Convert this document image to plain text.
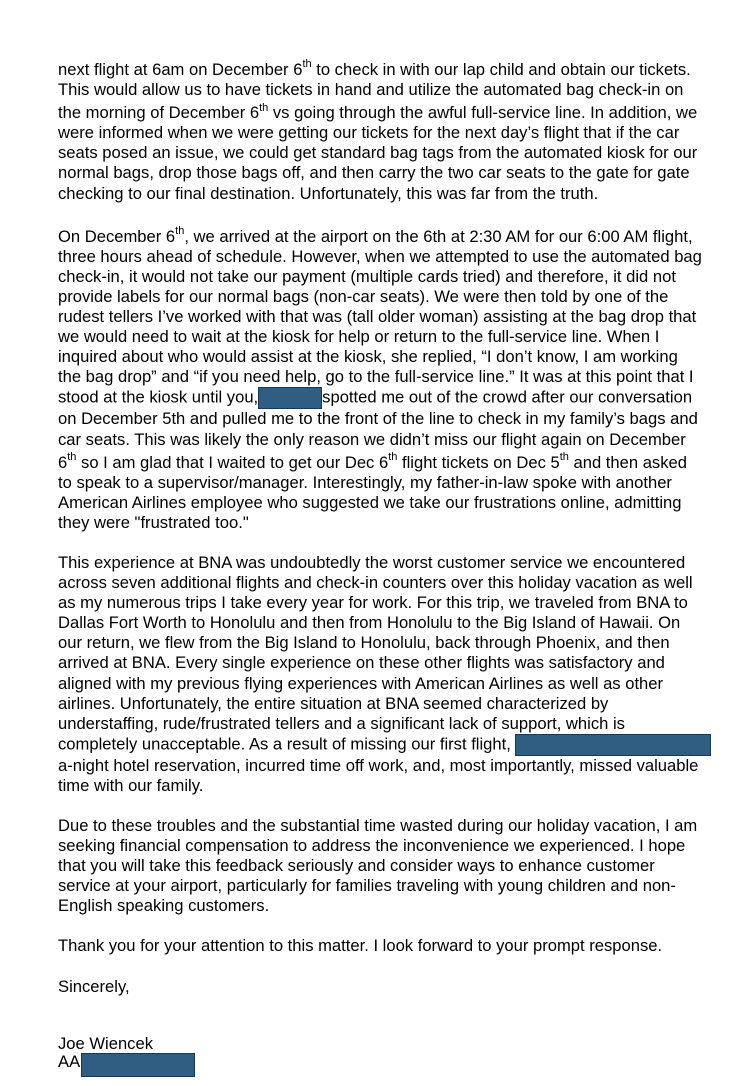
next flight at 6am on December 6th to check in with our lap child and obtain our tickets.

This would allow us to have tickets in hand and utilize the automated bag check-in on

the morning of December 6th vs going through the awful full-service line. In addition, we

were informed when we were getting our tickets for the next day’s flight that if the car

seats posed an issue, we could get standard bag tags from the automated kiosk for our

normal bags, drop those bags off, and then carry the two car seats to the gate for gate

checking to our final destination. Unfortunately, this was far from the truth.

On December 6th, we arrived at the airport on the 6th at 2:30 AM for our 6:00 AM flight,

three hours ahead of schedule. However, when we attempted to use the automated bag

check-in, it would not take our payment (multiple cards tried) and therefore, it did not

provide labels for our normal bags (non-car seats). We were then told by one of the

rudest tellers I’ve worked with that was (tall older woman) assisting at the bag drop that

we would need to wait at the kiosk for help or return to the full-service line. When I

inquired about who would assist at the kiosk, she replied, “I don’t know, I am working

the bag drop” and “if you need help, go to the full-service line.” It was at this point that I

stood at the kiosk until you,	spotted me out of the crowd after our conversation

on December 5th and pulled me to the front of the line to check in my family’s bags and

car seats. This was likely the only reason we didn’t miss our flight again on December

6th so I am glad that I waited to get our Dec 6th flight tickets on Dec 5th and then asked

to speak to a supervisor/manager. Interestingly, my father-in-law spoke with another

American Airlines employee who suggested we take our frustrations online, admitting

they were "frustrated too."

This experience at BNA was undoubtedly the worst customer service we encountered

across seven additional flights and check-in counters over this holiday vacation as well

as my numerous trips I take every year for work. For this trip, we traveled from BNA to

Dallas Fort Worth to Honolulu and then from Honolulu to the Big Island of Hawaii. On

our return, we flew from the Big Island to Honolulu, back through Phoenix, and then

arrived at BNA. Every single experience on these other flights was satisfactory and

aligned with my previous flying experiences with American Airlines as well as other

airlines. Unfortunately, the entire situation at BNA seemed characterized by

understaffing, rude/frustrated tellers and a significant lack of support, which is

completely unacceptable. As a result of missing our first flight,

a-night hotel reservation, incurred time off work, and, most importantly, missed valuable

time with our family.

Due to these troubles and the substantial time wasted during our holiday vacation, I am

seeking financial compensation to address the inconvenience we experienced. I hope

that you will take this feedback seriously and consider ways to enhance customer

service at your airport, particularly for families traveling with young children and non-

English speaking customers.

Thank you for your attention to this matter. I look forward to your prompt response.

Sincerely,

Joe Wiencek

AA
